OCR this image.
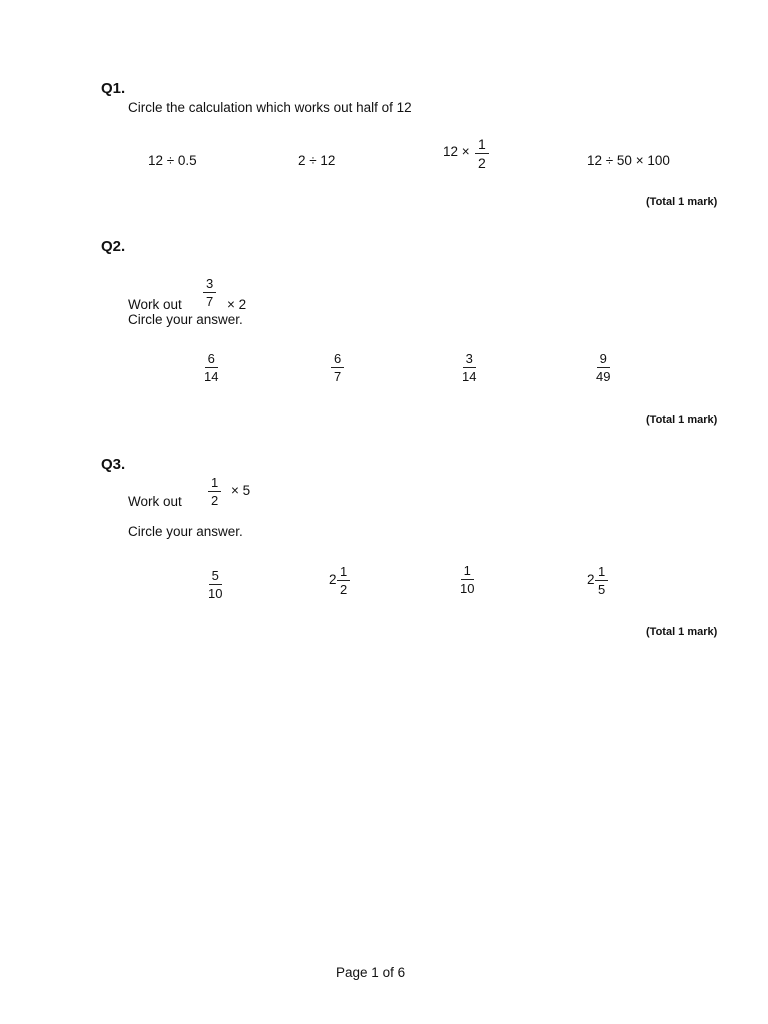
Q1.
Circle the calculation which works out half of 12
12 ÷ 0.5	2 ÷ 12
$12 \times \frac{1}{2}$	12 ÷ 50 × 100
(Total 1 mark)
Q2.
Work out $\frac{3}{7} \times 2$
Circle your answer.
$\frac{6}{14}$	$\frac{6}{7}$	$\frac{3}{14}$	$\frac{9}{49}$
(Total 1 mark)
Q3.
Work out $\frac{1}{2} \times 5$
Circle your answer.
$\frac{5}{10}$	$2 \frac{1}{2}$	$\frac{1}{10}$	$2 \frac{1}{5}$
(Total 1 mark)
Page 1 of 6
